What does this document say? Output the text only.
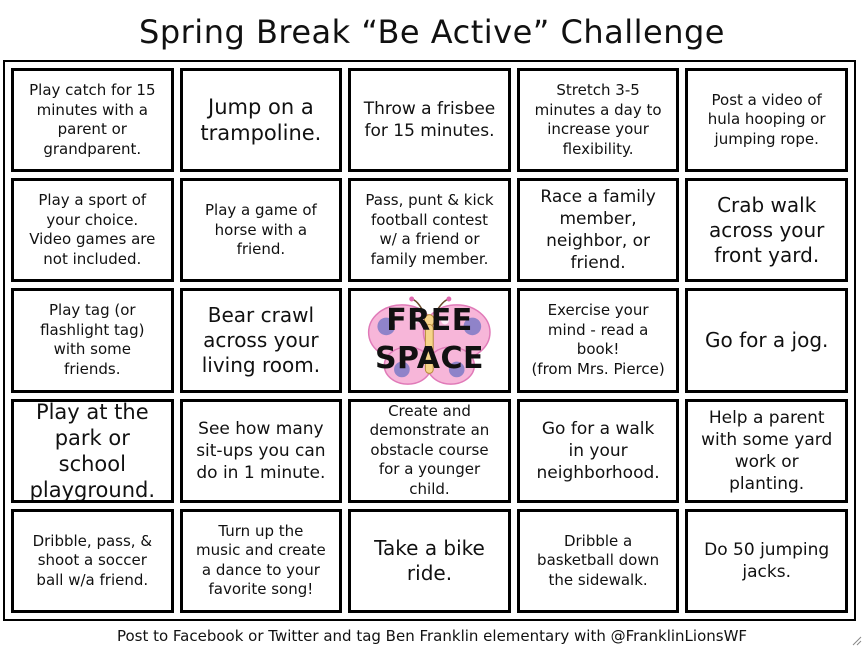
Spring Break “Be Active” Challenge
Play catch for 15
minutes with a
parent or
grandparent.
Jump on a
trampoline.
Throw a frisbee
for 15 minutes.
Stretch 3-5
minutes a day to
increase your
flexibility.
Post a video of
hula hooping or
jumping rope.
Play a sport of
your choice.
Video games are
not included.
Play a game of
horse with a
friend.
Pass, punt & kick
football contest
w/ a friend or
family member.
Race a family
member,
neighbor, or
friend.
Crab walk
across your
front yard.
Play tag (or
flashlight tag)
with some
friends.
Bear crawl
across your
living room.
FREE
SPACE
Exercise your
mind - read a
book!
(from Mrs. Pierce)
Go for a jog.
Play at the
park or
school
playground.
See how many
sit-ups you can
do in 1 minute.
Create and
demonstrate an
obstacle course
for a younger
child.
Go for a walk
in your
neighborhood.
Help a parent
with some yard
work or
planting.
Dribble, pass, &
shoot a soccer
ball w/a friend.
Turn up the
music and create
a dance to your
favorite song!
Take a bike
ride.
Dribble a
basketball down
the sidewalk.
Do 50 jumping
jacks.
Post to Facebook or Twitter and tag Ben Franklin elementary with @FranklinLionsWF
